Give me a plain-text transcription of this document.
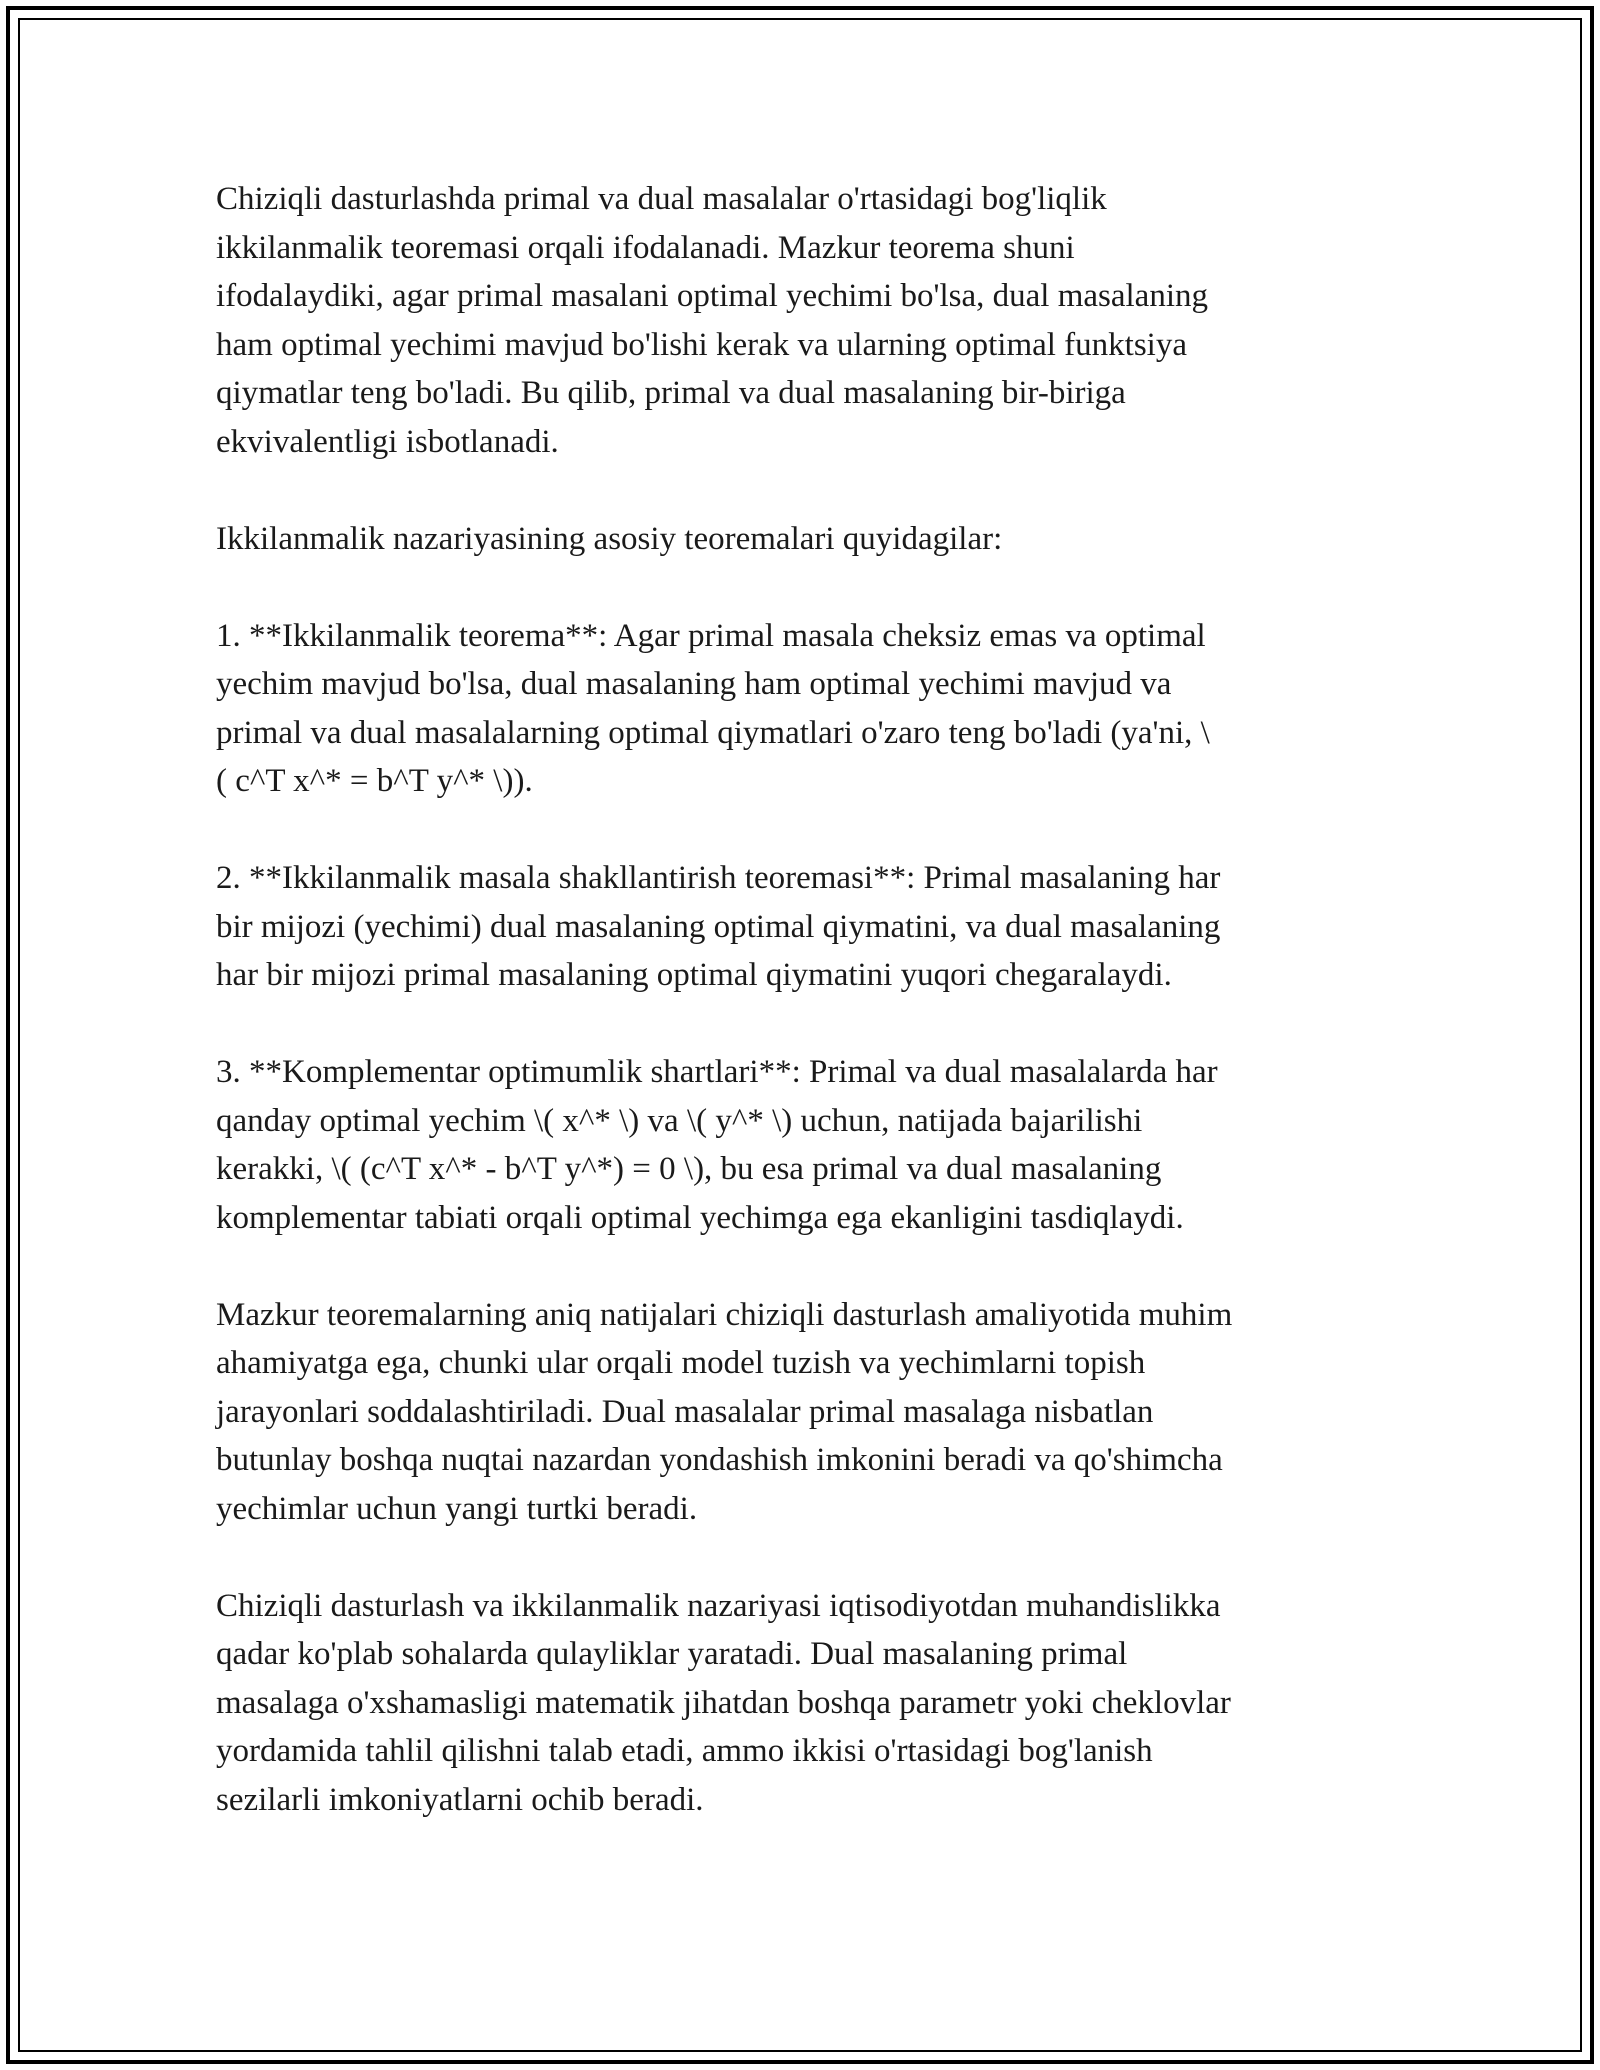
Chiziqli dasturlashda primal va dual masalalar o'rtasidagi bog'liqlik
ikkilanmalik teoremasi orqali ifodalanadi. Mazkur teorema shuni
ifodalaydiki, agar primal masalani optimal yechimi bo'lsa, dual masalaning
ham optimal yechimi mavjud bo'lishi kerak va ularning optimal funktsiya
qiymatlar teng bo'ladi. Bu qilib, primal va dual masalaning bir-biriga
ekvivalentligi isbotlanadi.

Ikkilanmalik nazariyasining asosiy teoremalari quyidagilar:

1. **Ikkilanmalik teorema**: Agar primal masala cheksiz emas va optimal
yechim mavjud bo'lsa, dual masalaning ham optimal yechimi mavjud va
primal va dual masalalarning optimal qiymatlari o'zaro teng bo'ladi (ya'ni, \
( c^T x^* = b^T y^* \)).

2. **Ikkilanmalik masala shakllantirish teoremasi**: Primal masalaning har
bir mijozi (yechimi) dual masalaning optimal qiymatini, va dual masalaning
har bir mijozi primal masalaning optimal qiymatini yuqori chegaralaydi.

3. **Komplementar optimumlik shartlari**: Primal va dual masalalarda har
qanday optimal yechim \( x^* \) va \( y^* \) uchun, natijada bajarilishi
kerakki, \( (c^T x^* - b^T y^*) = 0 \), bu esa primal va dual masalaning
komplementar tabiati orqali optimal yechimga ega ekanligini tasdiqlaydi.

Mazkur teoremalarning aniq natijalari chiziqli dasturlash amaliyotida muhim
ahamiyatga ega, chunki ular orqali model tuzish va yechimlarni topish
jarayonlari soddalashtiriladi. Dual masalalar primal masalaga nisbatlan
butunlay boshqa nuqtai nazardan yondashish imkonini beradi va qo'shimcha
yechimlar uchun yangi turtki beradi.

Chiziqli dasturlash va ikkilanmalik nazariyasi iqtisodiyotdan muhandislikka
qadar ko'plab sohalarda qulayliklar yaratadi. Dual masalaning primal
masalaga o'xshamasligi matematik jihatdan boshqa parametr yoki cheklovlar
yordamida tahlil qilishni talab etadi, ammo ikkisi o'rtasidagi bog'lanish
sezilarli imkoniyatlarni ochib beradi.
